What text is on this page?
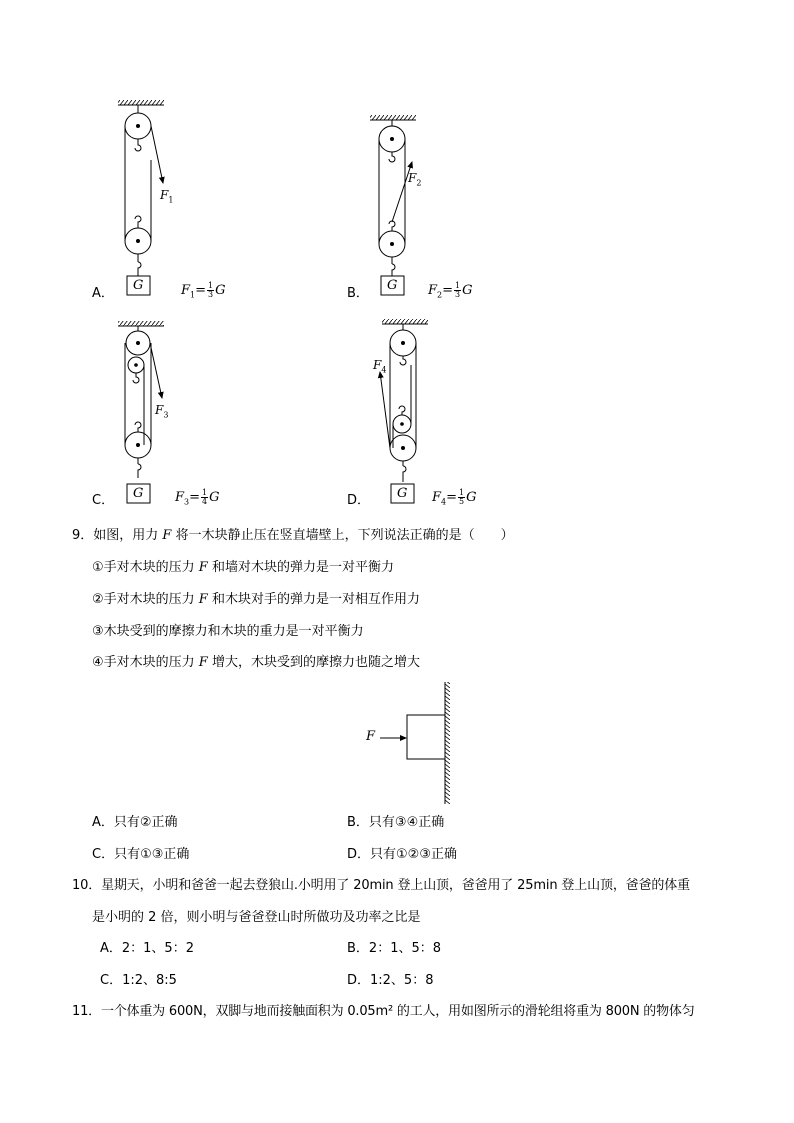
$F_1$
$F_2$
$F_3$
$F_4$
G	G
G	G
A．	B．
C．	D．
$F_1= \frac{1}{3}$ G	$F_2= \frac{1}{3}$ G
$F_3= \frac{1}{4}$ G	$F_4= \frac{1}{5}$ G
9．如图，用力 F 将一木块静止压在竖直墙壁上，下列说法正确的是（　　）
①手对木块的压力 F 和墙对木块的弹力是一对平衡力
②手对木块的压力 F 和木块对手的弹力是一对相互作用力
③木块受到的摩擦力和木块的重力是一对平衡力
④手对木块的压力 F 增大，木块受到的摩擦力也随之增大
F
A．只有②正确	B．只有③④正确
C．只有①③正确	D．只有①②③正确
10．星期天，小明和爸爸一起去登狼山.小明用了 20min 登上山顶，爸爸用了 25min 登上山顶，爸爸的体重
是小明的 2 倍，则小明与爸爸登山时所做功及功率之比是
A．2：1、5：2	B．2：1、5：8
C．1:2、8:5	D．1:2、5：8
11．一个体重为 600N，双脚与地而接触面积为 0.05m² 的工人，用如图所示的滑轮组将重为 800N 的物体匀
